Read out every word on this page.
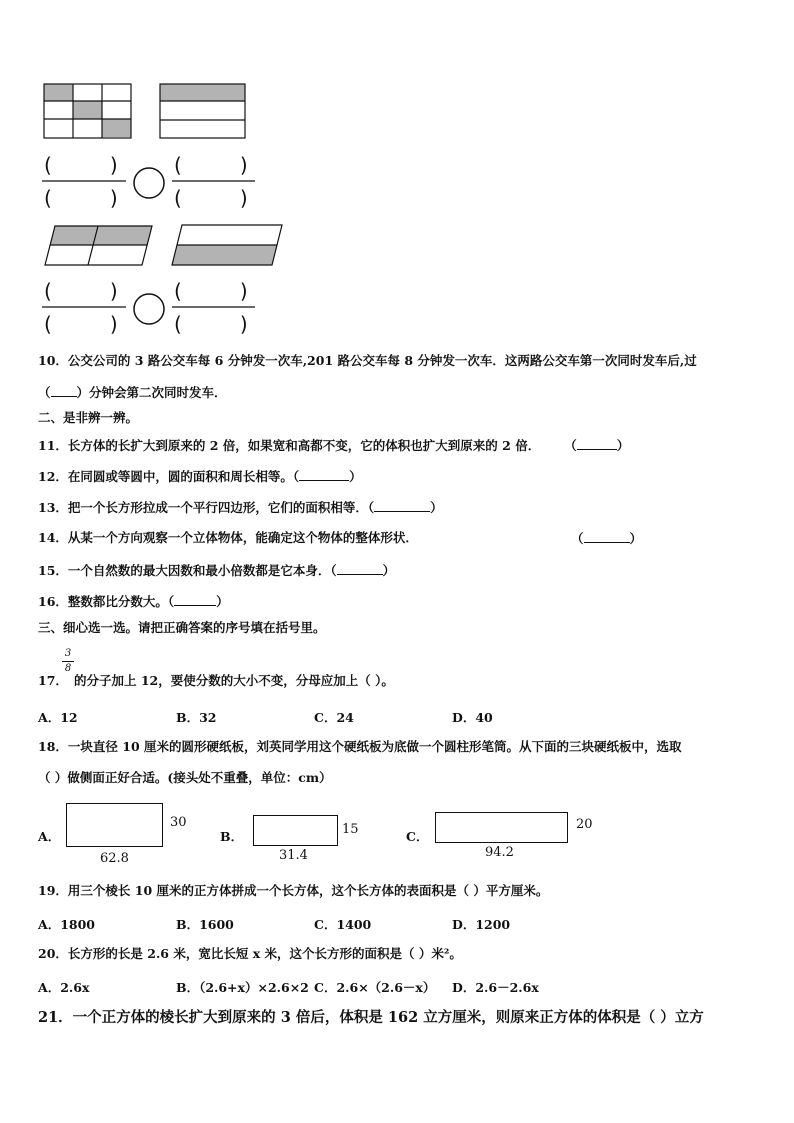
(	)
(	)
(	)
(	)
(	)
(	)
(	)
(	)
10．公交公司的 3 路公交车每 6 分钟发一次车,201 路公交车每 8 分钟发一次车．这两路公交车第一次同时发车后,过
（ ）分钟会第二次同时发车．
二、是非辨一辨。
11．长方体的长扩大到原来的 2 倍，如果宽和高都不变，它的体积也扩大到原来的 2 倍． （	）
12．在同圆或等圆中，圆的面积和周长相等。（	）
13．把一个长方形拉成一个平行四边形，它们的面积相等．（	）
14．从某一个方向观察一个立体物体，能确定这个物体的整体形状．	（	）
15．一个自然数的最大因数和最小倍数都是它本身．（	）
16．整数都比分数大。（	）
三、细心选一选。请把正确答案的序号填在括号里。
3
8
17． 的分子加上 12，要使分数的大小不变，分母应加上（ ）。
A．12	B．32	C．24	D．40
18．一块直径 10 厘米的圆形硬纸板，刘英同学用这个硬纸板为底做一个圆柱形笔筒。从下面的三块硬纸板中，选取
（ ）做侧面正好合适。(接头处不重叠，单位：cm）
A．
30
62.8
B．	15
31.4
C．
20
94.2
19．用三个棱长 10 厘米的正方体拼成一个长方体，这个长方体的表面积是（ ）平方厘米。
A．1800	B．1600	C．1400	D．1200
20．长方形的长是 2.6 米，宽比长短 x 米，这个长方形的面积是（ ）米²。
A．2.6x	B．（2.6+x）×2.6×2 C．2.6×（2.6－x） D．2.6－2.6x
21．一个正方体的棱长扩大到原来的 3 倍后，体积是 162 立方厘米，则原来正方体的体积是（ ）立方
